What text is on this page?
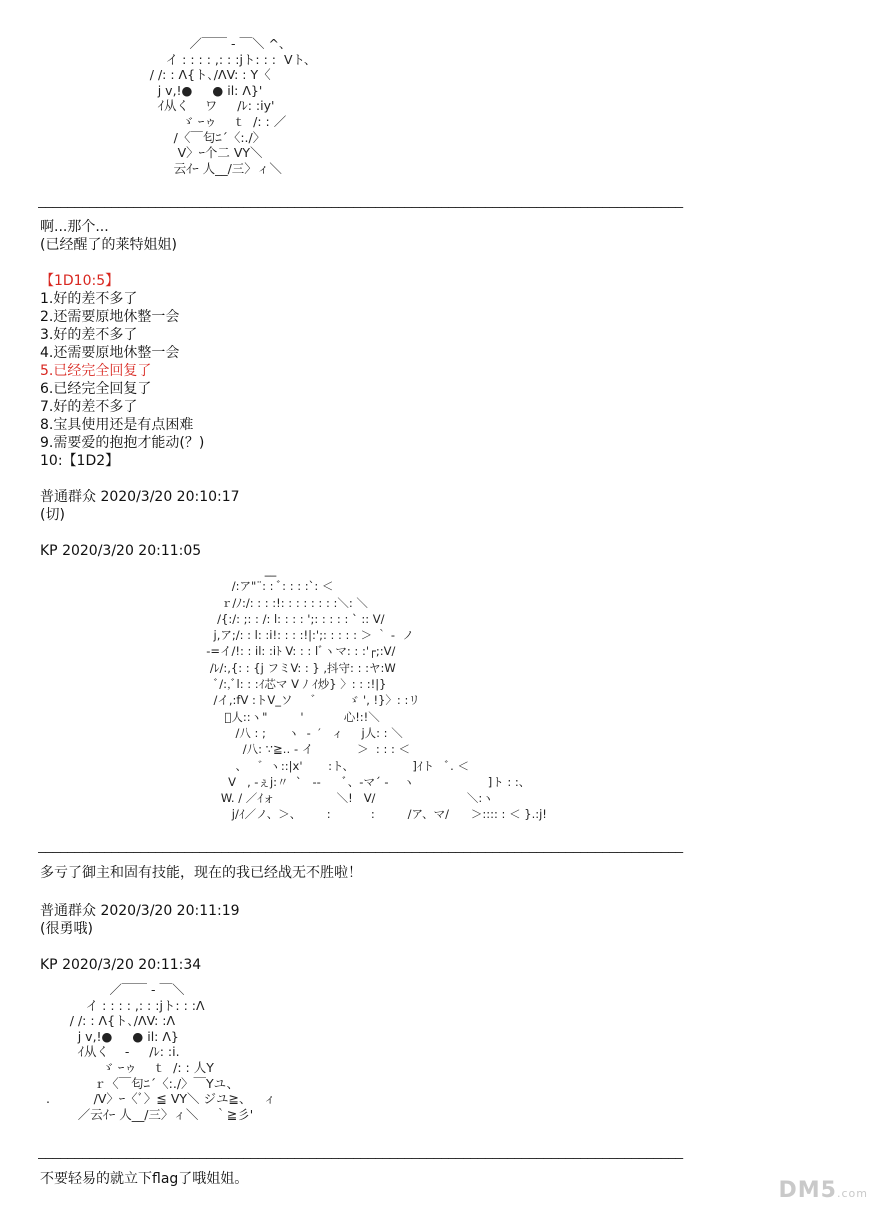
／￣￣ ‐ ￣＼ ^、
イ : : : : ,: : :jト: : :  Ⅴト、
/ /: : Λ{ト､/ΛV: : Y〈
j v,!●     ● il: Λ}'
ｲ从く    ワ     /ﾚ: :iy'
ゞ ｰゥ    ｔ  /: : ／
/〈￣匂ﾆ´〈:./〉
V〉ｰ个二 VY＼
云ｲｰ 人__/三〉ィ＼
――――――――――――――――――――――――――――――――――――――――――――――――――――――――――――――――――――――――――――――――――――――――
啊...那个...
(已经醒了的莱特姐姐)
【1D10:5】
1.好的差不多了
2.还需要原地休整一会
3.好的差不多了
4.还需要原地休整一会
5.已经完全回复了
6.已经完全回复了
7.好的差不多了
8.宝具使用还是有点困难
9.需要爱的抱抱才能动(？)
10:【1D2】
普通群众 2020/3/20 20:10:17
(切)
KP 2020/3/20 20:11:05
__
/:ア"¨: : ﾞ: : : :`: ＜
ｒ/ﾉ:/: : : :!: : : : : : : :＼: ＼
/{:/: ;: : /: l: : : : ';: : : : : ` :: V/
j,ア;/: : l: :i!: : : :!|:';: : : : : ＞ ｀ -  ノ
-=イ/!: : il: :iﾄ V: : : lﾞヽマ: : :'┌;:V/
/ﾚ/:,{: : {j フミV: : } ,抖守: : :ヤ:W
ﾞ/:,ﾞl: : :ｲ芯マ V ﾉ ｲ炒} 〉: : :!|}
/イ,:fV :トV_ソ     ゛       ゞ '‚ !}〉: :リ
ﾞ人::ヽ"         '           心!:!＼
/八 : ;      ヽ  ‐  ′   ィ     j人: : ＼
/八: ∵≧‥ ‐ イ            ＞  : : : ＜
、   ゛ヽ::|x'       :ト、                ]ｲト   ﾞ. ＜
V   ‚ -ぇj:〃  `   ‐‐      ﾞ、-マ´ ‐    ヽ                    ]ト : :、
W. / ／ｲォ                 ＼!   V/                         ＼:ヽ
j/ｲ／ノ、＞、       :           :         /ア、マ/      ＞:::: : ＜ }.:j!
――――――――――――――――――――――――――――――――――――――――――――――――――――――――――――――――――――――――――――――――――――――――
多亏了御主和固有技能，现在的我已经战无不胜啦！
普通群众 2020/3/20 20:11:19
(很勇哦)
KP 2020/3/20 20:11:34
／￣￣ ‐ ￣＼
イ : : : : ,: : :jト: : :Λ
/ /: : Λ{ト､/ΛV: :Λ
j v,!●     ● il: Λ}
ｲ从く    ‐     /ﾚ: :i.
ゞ ｰゥ    ｔ  /: : 人Y
ｒ〈￣匂ﾆ´〈:./〉￣Yユ、
.           /V〉ｰ〈ﾞ〉≦ VY＼ ジユ≧、   ィ
／云ｲｰ 人__/三〉ィ＼    ｀≧彡'
――――――――――――――――――――――――――――――――――――――――――――――――――――――――――――――――――――――――――――――――――――――――
不要轻易的就立下flag了哦姐姐。	DM5.com
